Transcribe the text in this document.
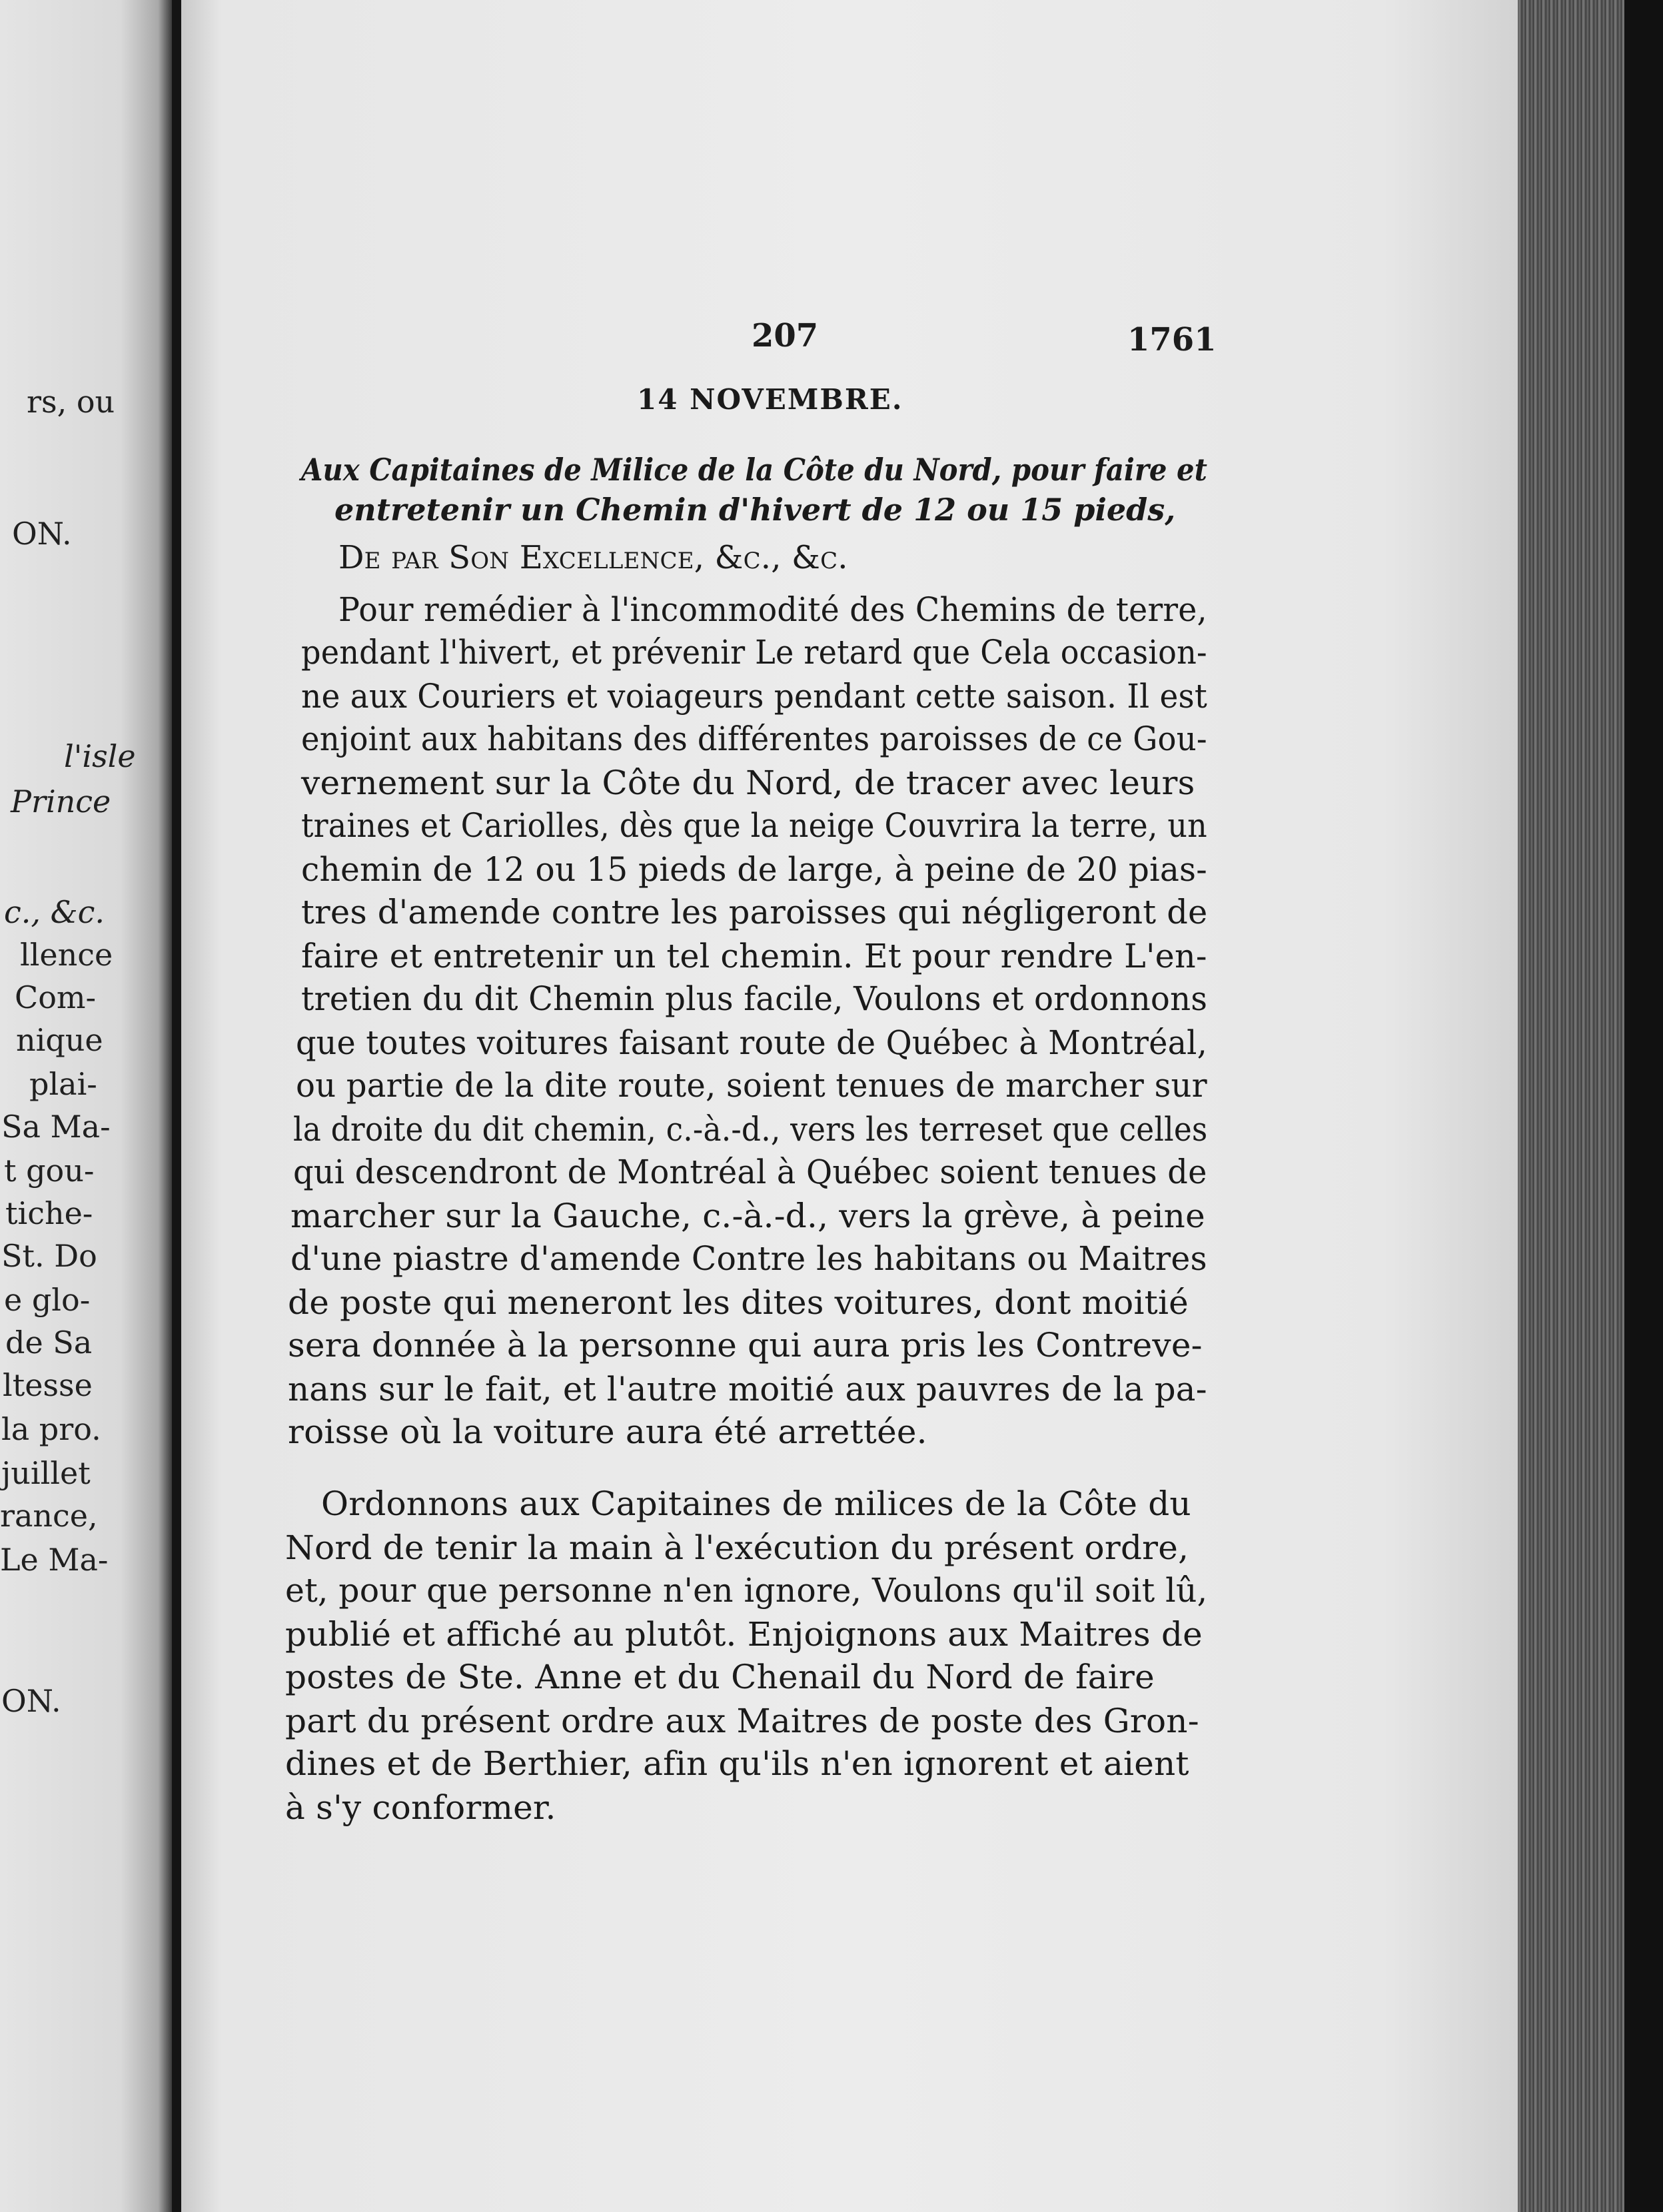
rs, ou
ON.
l'isle
Prince
c., &c.
llence
Com-
nique
plai-
Sa Ma-
t gou-
tiche-
St. Do
e glo-
de Sa
ltesse
la pro.
juillet
rance,
Le Ma-
ON.
207	1761
14 NOVEMBRE.
Aux Capitaines de Milice de la Côte du Nord, pour faire et
entretenir un Chemin d'hivert de 12 ou 15 pieds,
De par Son Excellence, &c., &c.
Pour remédier à l'incommodité des Chemins de terre,
pendant l'hivert, et prévenir Le retard que Cela occasion-
ne aux Couriers et voiageurs pendant cette saison. Il est
enjoint aux habitans des différentes paroisses de ce Gou-
vernement sur la Côte du Nord, de tracer avec leurs
traines et Cariolles, dès que la neige Couvrira la terre, un
chemin de 12 ou 15 pieds de large, à peine de 20 pias-
tres d'amende contre les paroisses qui négligeront de
faire et entretenir un tel chemin. Et pour rendre L'en-
tretien du dit Chemin plus facile, Voulons et ordonnons
que toutes voitures faisant route de Québec à Montréal,
ou partie de la dite route, soient tenues de marcher sur
la droite du dit chemin, c.-à.-d., vers les terreset que celles
qui descendront de Montréal à Québec soient tenues de
marcher sur la Gauche, c.-à.-d., vers la grève, à peine
d'une piastre d'amende Contre les habitans ou Maitres
de poste qui meneront les dites voitures, dont moitié
sera donnée à la personne qui aura pris les Contreve-
nans sur le fait, et l'autre moitié aux pauvres de la pa-
roisse où la voiture aura été arrettée.
Ordonnons aux Capitaines de milices de la Côte du
Nord de tenir la main à l'exécution du présent ordre,
et, pour que personne n'en ignore, Voulons qu'il soit lû,
publié et affiché au plutôt. Enjoignons aux Maitres de
postes de Ste. Anne et du Chenail du Nord de faire
part du présent ordre aux Maitres de poste des Gron-
dines et de Berthier, afin qu'ils n'en ignorent et aient
à s'y conformer.
